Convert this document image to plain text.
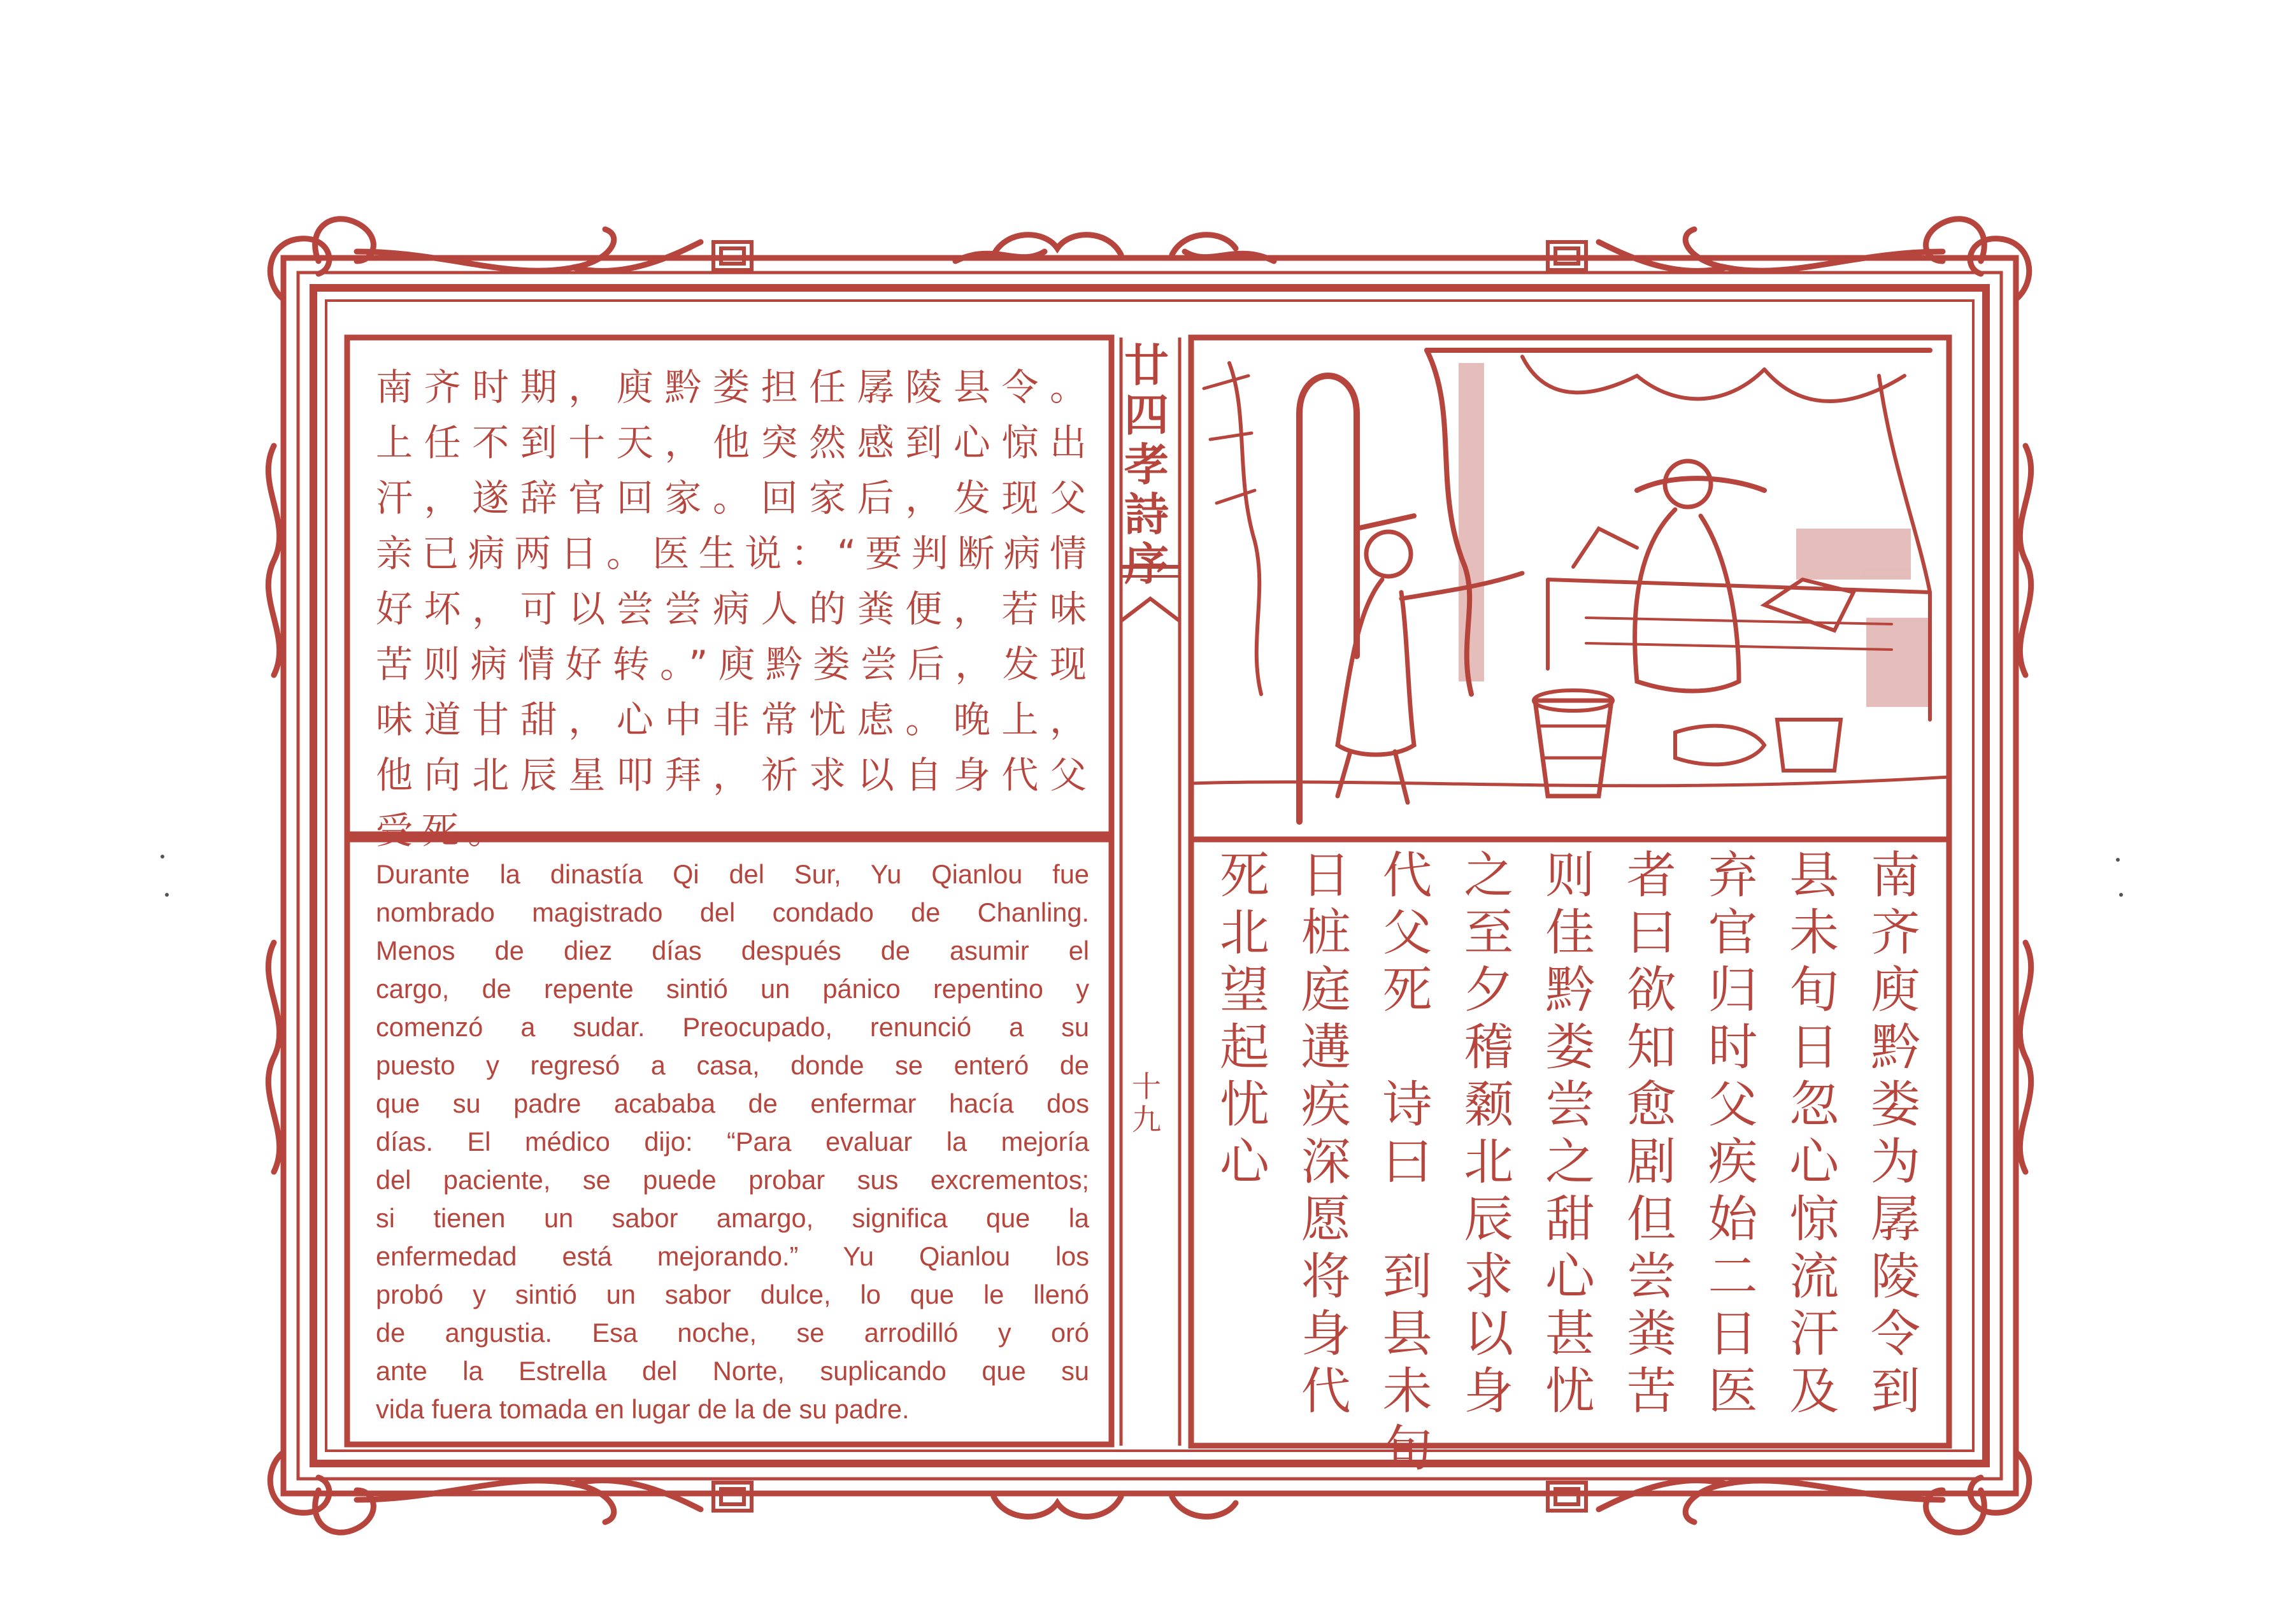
南齐时期，庾黔娄担任孱陵县令。上任不到十天，他突然感到心惊出汗，遂辞官回家。回家后，发现父亲已病两日。医生说：“要判断病情好坏，可以尝尝病人的粪便，若味苦则病情好转。”庾黔娄尝后，发现味道甘甜，心中非常忧虑。晚上，他向北辰星叩拜，祈求以自身代父受死。
Durante la dinastía Qi del Sur, Yu Qianlou fue
nombrado magistrado del condado de Chanling.
Menos de diez días después de asumir el
cargo, de repente sintió un pánico repentino y
comenzó a sudar. Preocupado, renunció a su
puesto y regresó a casa, donde se enteró de
que su padre acababa de enfermar hacía dos
días. El médico dijo: “Para evaluar la mejoría
del paciente, se puede probar sus excrementos;
si tienen un sabor amargo, significa que la
enfermedad está mejorando.” Yu Qianlou los
probó y sintió un sabor dulce, lo que le llenó
de angustia. Esa noche, se arrodilló y oró
ante la Estrella del Norte, suplicando que su
vida fuera tomada en lugar de la de su padre.
廿
四
孝
詩
序
十
九
南
齐
庾
黔
娄
为
孱
陵
令
到
县
未
旬
日
忽
心
惊
流
汗
及
弃
官
归
时
父
疾
始
二
日
医
者
曰
欲
知
愈
剧
但
尝
粪
苦
则
佳
黔
娄
尝
之
甜
心
甚
忧
之
至
夕
稽
颡
北
辰
求
以
身
代
父
死

诗
曰

到
县
未
旬
日
桩
庭
遘
疾
深
愿
将
身
代
死
北
望
起
忧
心
